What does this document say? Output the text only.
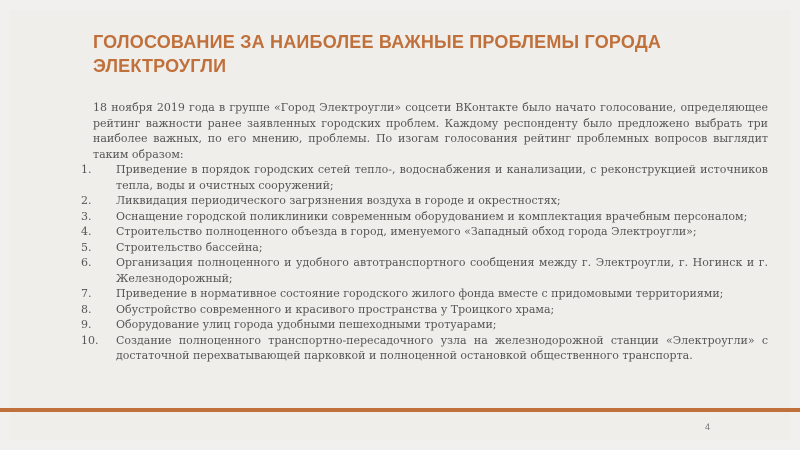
ГОЛОСОВАНИЕ ЗА НАИБОЛЕЕ ВАЖНЫЕ ПРОБЛЕМЫ ГОРОДА ЭЛЕКТРОУГЛИ

18 ноября 2019 года в группе «Город Электроугли» соцсети ВКонтакте было начато голосование, определяющее рейтинг важности ранее заявленных городских проблем. Каждому респонденту было предложено выбрать три наиболее важных, по его мнению, проблемы. По изогам голосования рейтинг проблемных вопросов выглядит таким образом:

1.	Приведение в порядок городских сетей тепло-, водоснабжения и канализации, с реконструкцией источников тепла, воды и очистных сооружений;
2.	Ликвидация периодического загрязнения воздуха в городе и окрестностях;
3.	Оснащение городской поликлиники современным оборудованием и комплектация врачебным персоналом;
4.	Строительство полноценного объезда в город, именуемого «Западный обход города Электроугли»;
5.	Строительство бассейна;
6.	Организация полноценного и удобного автотранспортного сообщения между г. Электроугли, г. Ногинск и г. Железнодорожный;
7.	Приведение в нормативное состояние городского жилого фонда вместе с придомовыми территориями;
8.	Обустройство современного и красивого пространства у Троицкого храма;
9.	Оборудование улиц города удобными пешеходными тротуарами;
10.	Создание полноценного транспортно-пересадочного узла на железнодорожной станции «Электроугли» с достаточной перехватывающей парковкой и полноценной остановкой общественного транспорта.
4
